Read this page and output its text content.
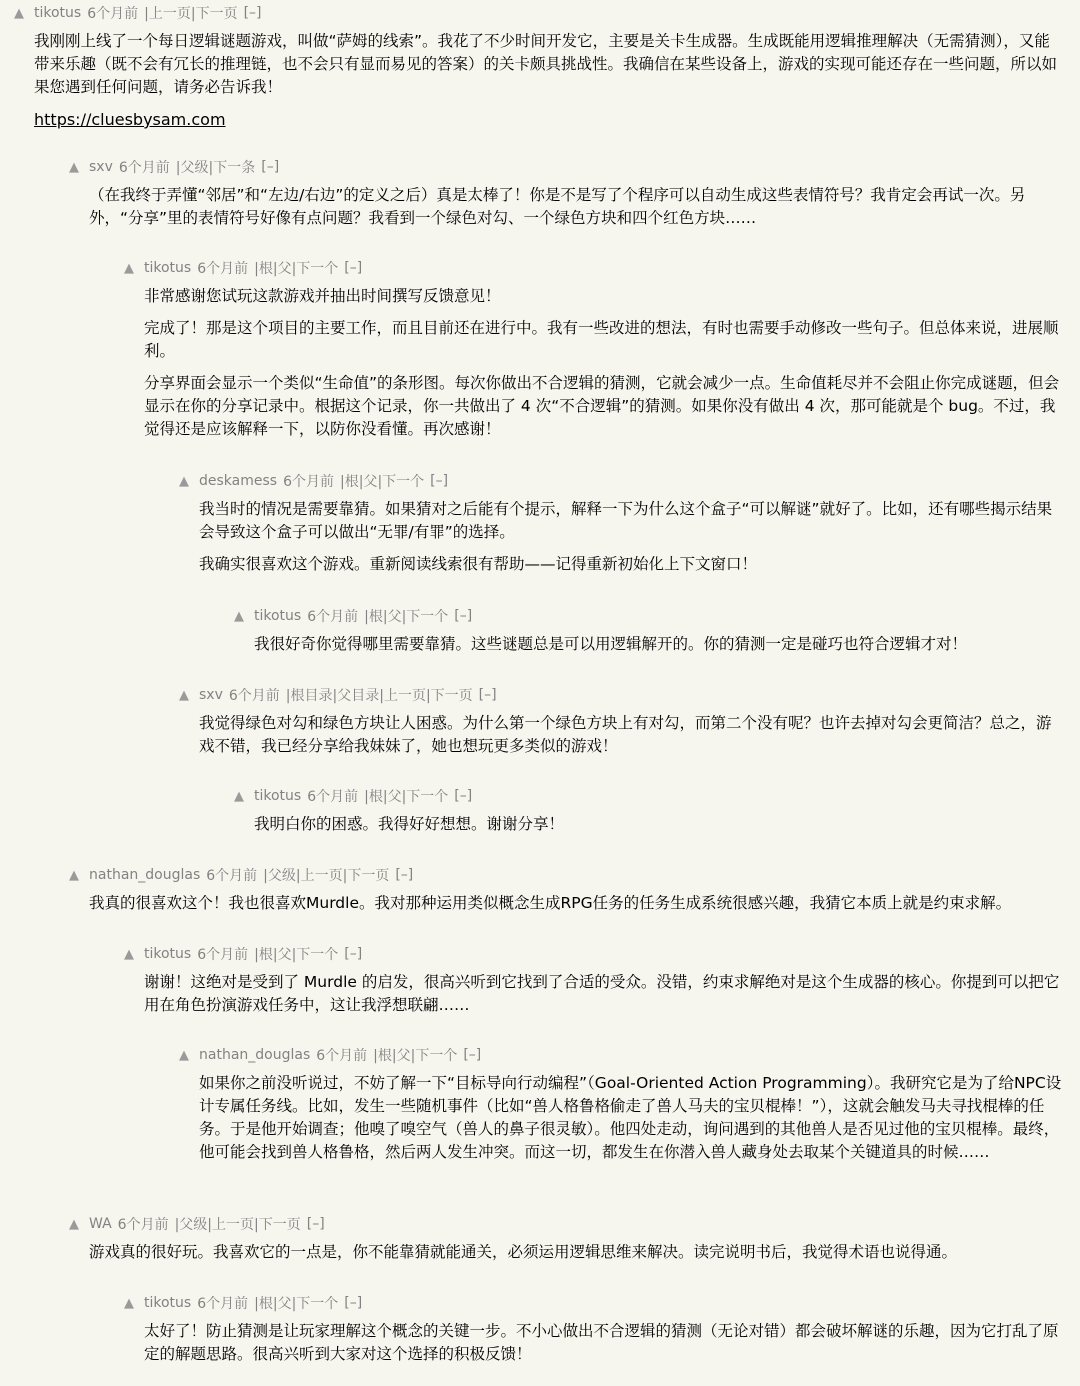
▲ tikotus 6个月前 |上一页|下一页 [–]

我刚刚上线了一个每日逻辑谜题游戏，叫做“萨姆的线索”。我花了不少时间开发它，主要是关卡生成器。生成既能用逻辑推理解决（无需猜测），又能带来乐趣（既不会有冗长的推理链，也不会只有显而易见的答案）的关卡颇具挑战性。我确信在某些设备上，游戏的实现可能还存在一些问题，所以如果您遇到任何问题，请务必告诉我！

https://cluesbysam.com

▲ sxv 6个月前 |父级|下一条 [–]

（在我终于弄懂“邻居”和“左边/右边”的定义之后）真是太棒了！你是不是写了个程序可以自动生成这些表情符号？我肯定会再试一次。另外，“分享”里的表情符号好像有点问题？我看到一个绿色对勾、一个绿色方块和四个红色方块……

▲ tikotus 6个月前 |根|父|下一个 [–]

非常感谢您试玩这款游戏并抽出时间撰写反馈意见！

完成了！那是这个项目的主要工作，而且目前还在进行中。我有一些改进的想法，有时也需要手动修改一些句子。但总体来说，进展顺利。

分享界面会显示一个类似“生命值”的条形图。每次你做出不合逻辑的猜测，它就会减少一点。生命值耗尽并不会阻止你完成谜题，但会显示在你的分享记录中。根据这个记录，你一共做出了 4 次“不合逻辑”的猜测。如果你没有做出 4 次，那可能就是个 bug。不过，我觉得还是应该解释一下，以防你没看懂。再次感谢！

▲ deskamess 6个月前 |根|父|下一个 [–]

我当时的情况是需要靠猜。如果猜对之后能有个提示，解释一下为什么这个盒子“可以解谜”就好了。比如，还有哪些揭示结果会导致这个盒子可以做出“无罪/有罪”的选择。

我确实很喜欢这个游戏。重新阅读线索很有帮助——记得重新初始化上下文窗口！

▲ tikotus 6个月前 |根|父|下一个 [–]

我很好奇你觉得哪里需要靠猜。这些谜题总是可以用逻辑解开的。你的猜测一定是碰巧也符合逻辑才对！

▲ sxv 6个月前 |根目录|父目录|上一页|下一页 [–]

我觉得绿色对勾和绿色方块让人困惑。为什么第一个绿色方块上有对勾，而第二个没有呢？也许去掉对勾会更简洁？总之，游戏不错，我已经分享给我妹妹了，她也想玩更多类似的游戏！

▲ tikotus 6个月前 |根|父|下一个 [–]

我明白你的困惑。我得好好想想。谢谢分享！

▲ nathan_douglas 6个月前 |父级|上一页|下一页 [–]

我真的很喜欢这个！我也很喜欢Murdle。我对那种运用类似概念生成RPG任务的任务生成系统很感兴趣，我猜它本质上就是约束求解。

▲ tikotus 6个月前 |根|父|下一个 [–]

谢谢！这绝对是受到了 Murdle 的启发，很高兴听到它找到了合适的受众。没错，约束求解绝对是这个生成器的核心。你提到可以把它用在角色扮演游戏任务中，这让我浮想联翩……

▲ nathan_douglas 6个月前 |根|父|下一个 [–]

如果你之前没听说过，不妨了解一下“目标导向行动编程”（Goal-Oriented Action Programming）。我研究它是为了给NPC设计专属任务线。比如，发生一些随机事件（比如“兽人格鲁格偷走了兽人马夫的宝贝棍棒！”），这就会触发马夫寻找棍棒的任务。于是他开始调查；他嗅了嗅空气（兽人的鼻子很灵敏）。他四处走动，询问遇到的其他兽人是否见过他的宝贝棍棒。最终，他可能会找到兽人格鲁格，然后两人发生冲突。而这一切，都发生在你潜入兽人藏身处去取某个关键道具的时候……

▲ WA 6个月前 |父级|上一页|下一页 [–]

游戏真的很好玩。我喜欢它的一点是，你不能靠猜就能通关，必须运用逻辑思维来解决。读完说明书后，我觉得术语也说得通。

▲ tikotus 6个月前 |根|父|下一个 [–]

太好了！防止猜测是让玩家理解这个概念的关键一步。不小心做出不合逻辑的猜测（无论对错）都会破坏解谜的乐趣，因为它打乱了原定的解题思路。很高兴听到大家对这个选择的积极反馈！
